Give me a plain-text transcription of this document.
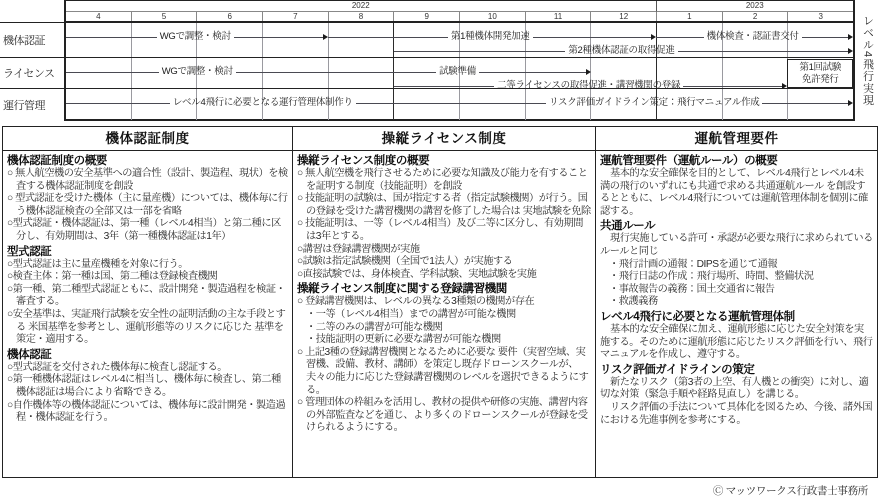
機体認証
ライセンス
運行管理
2022	2023
4	5	6	7	8	9	10	11	12	1	2	3
WGで調整・検討	第1種機体開発加速	機体検査・認証書交付
第2種機体認証の取得促進
WGで調整・検討	試験準備
二等ライセンスの取得促進・講習機関の登録
第1回試験
免許発行
レベル4飛行に必要となる運行管理体制作り	リスク評価ガイドライン策定：飛行マニュアル作成	レベル4飛行実現
機体認証制度
機体認証制度の概要

○ 無人航空機の安全基準への適合性（設計、製造程、現状）を検査する機体認証制度を創設

○ 型式認証を受けた機体（主に量産機）については、機体毎に行う機体認証検査の全部又は一部を省略

○型式認証・機体認証は、第一種（レベル4相当）と第二種に区分し、有効期間は、3年（第一種機体認証は1年）

型式認証

○型式認証は主に量産機種を対象に行う。

○検査主体：第一種は国、第二種は登録検査機関

○第一種、第二種型式認証ともに、設計開発・製造過程を検証・審査する。

○安全基準は、実証飛行試験を安全性の証明活動の主な手段とする 米国基準を参考とし、運航形態等のリスクに応じた 基準を策定・適用する。

機体認証

○型式認証を交付された機体毎に検査し認証する。

○第一種機体認証はレベル4に相当し、機体毎に検査し、第二種機体認証は場合により省略できる。

○自作機体等の機体認証については、機体毎に設計開発・製造過程・機体認証を行う。

操縦ライセンス制度
操縦ライセンス制度の概要

○ 無人航空機を飛行させるために必要な知識及び能力を有することを証明する制度（技能証明）を創設

○ 技能証明の試験は、国が指定する者（指定試験機関）が行う。国の登録を受けた講習機関の講習を修了した場合は 実地試験を免除

○ 技能証明は、一等（レベル4相当）及び二等に区分し、有効期間は3年とする。

○講習は登録講習機関が実施

○試験は指定試験機関（全国で1法人）が実施する

○直接試験では、身体検査、学科試験、実地試験を実施

操縦ライセンス制度に関する登録講習機関

○ 登録講習機関は、レベルの異なる3種類の機関が存在

・一等（レベル4相当）までの講習が可能な機関

・二等のみの講習が可能な機関

・技能証明の更新に必要な講習が可能な機関

○ 上記3種の登録講習機関となるために必要な 要件（実習空域、実習機、設備、教材、講師）を策定し既存ドローンスクールが、夫々の能力に応じた登録講習機関のレベルを選択できるようにする。

○ 管理団体の枠組みを活用し、教材の提供や研修の実施、講習内容の外部監査などを通じ、より多くのドローンスクールが登録を受けられるようにする。

運航管理要件
運航管理要件（運航ルール）の概要

基本的な安全確保を目的として、レベル4飛行とレベル4未満の飛行のいずれにも共通で求める共通運航ルール を創設するとともに、レベル4飛行については運航管理体制を個別に確認する。

共通ルール

現行実施している許可・承認が必要な飛行に求められているルールと同じ

・飛行計画の通報：DIPSを通じて通報

・飛行日誌の作成：飛行場所、時間、整備状況

・事故報告の義務：国土交通省に報告

・救護義務

レベル4飛行に必要となる運航管理体制

基本的な安全確保に加え、運航形態に応じた安全対策を実施する。そのために運航形態に応じたリスク評価を行い、飛行マニュアルを作成し、遵守する。

リスク評価ガイドラインの策定

新たなリスク（第3者の上空、有人機との衝突）に対し、適切な対策（緊急手順や経路見直し）を講じる。

リスク評価の手法について具体化を図るため、今後、諸外国における先進事例を参考にする。

Ⓒ マッツワークス行政書士事務所
